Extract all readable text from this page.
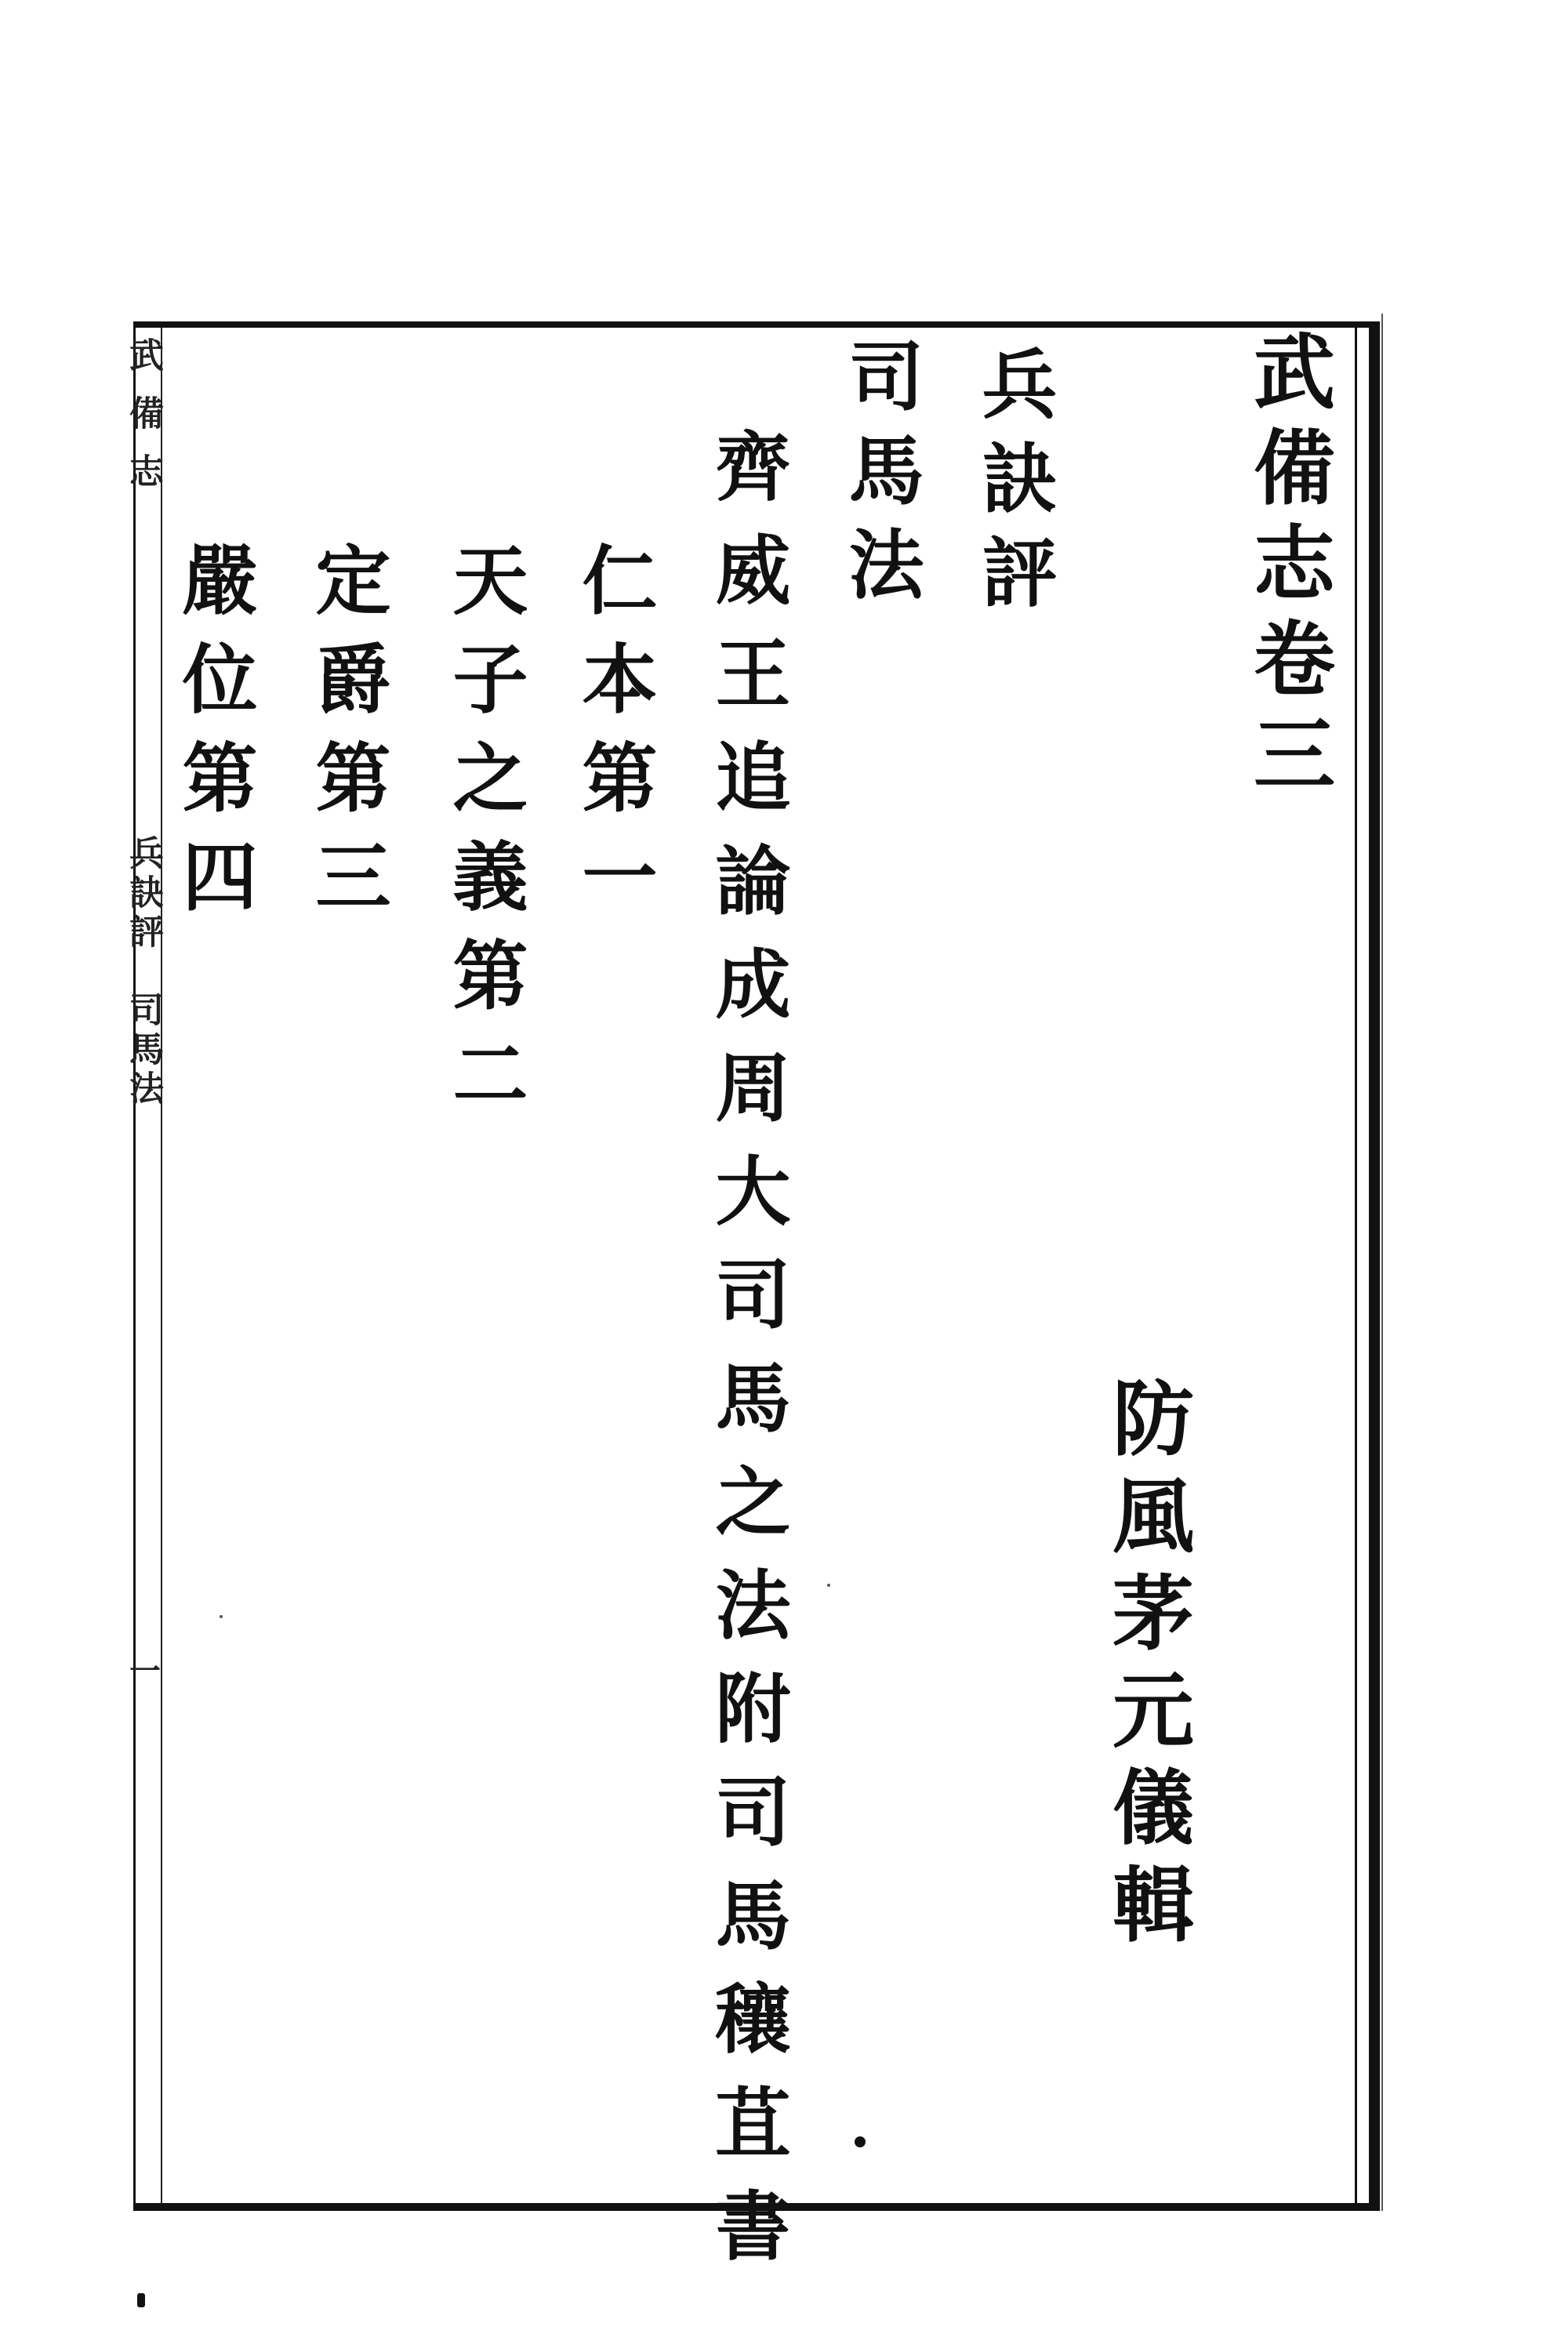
武備志卷三
防風茅元儀輯
兵訣評
司馬法
齊威王追論成周大司馬之法附司馬穰苴書
仁本第一
天子之義第二
定爵第三
嚴位第四
武備志
兵訣評　司馬法
一
